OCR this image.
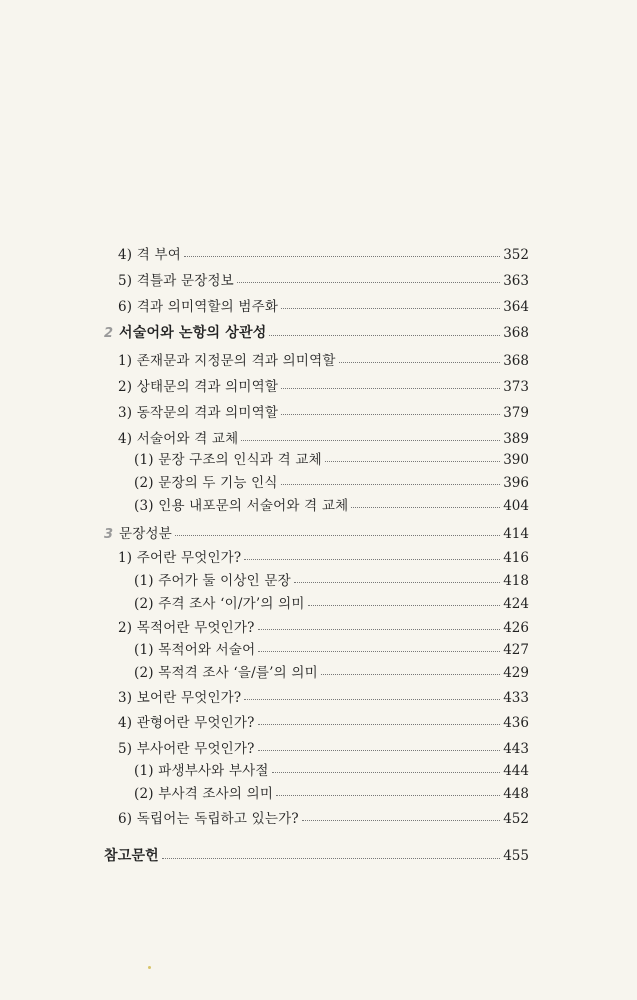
4) 격 부여	352
5) 격틀과 문장정보	363
6) 격과 의미역할의 범주화	364
2 서술어와 논항의 상관성	368
1) 존재문과 지정문의 격과 의미역할	368
2) 상태문의 격과 의미역할	373
3) 동작문의 격과 의미역할	379
4) 서술어와 격 교체	389
(1) 문장 구조의 인식과 격 교체	390
(2) 문장의 두 기능 인식	396
(3) 인용 내포문의 서술어와 격 교체	404
3 문장성분	414
1) 주어란 무엇인가?	416
(1) 주어가 둘 이상인 문장	418
(2) 주격 조사 ‘이/가’의 의미	424
2) 목적어란 무엇인가?	426
(1) 목적어와 서술어	427
(2) 목적격 조사 ‘을/를’의 의미	429
3) 보어란 무엇인가?	433
4) 관형어란 무엇인가?	436
5) 부사어란 무엇인가?	443
(1) 파생부사와 부사절	444
(2) 부사격 조사의 의미	448
6) 독립어는 독립하고 있는가?	452
참고문헌	455
